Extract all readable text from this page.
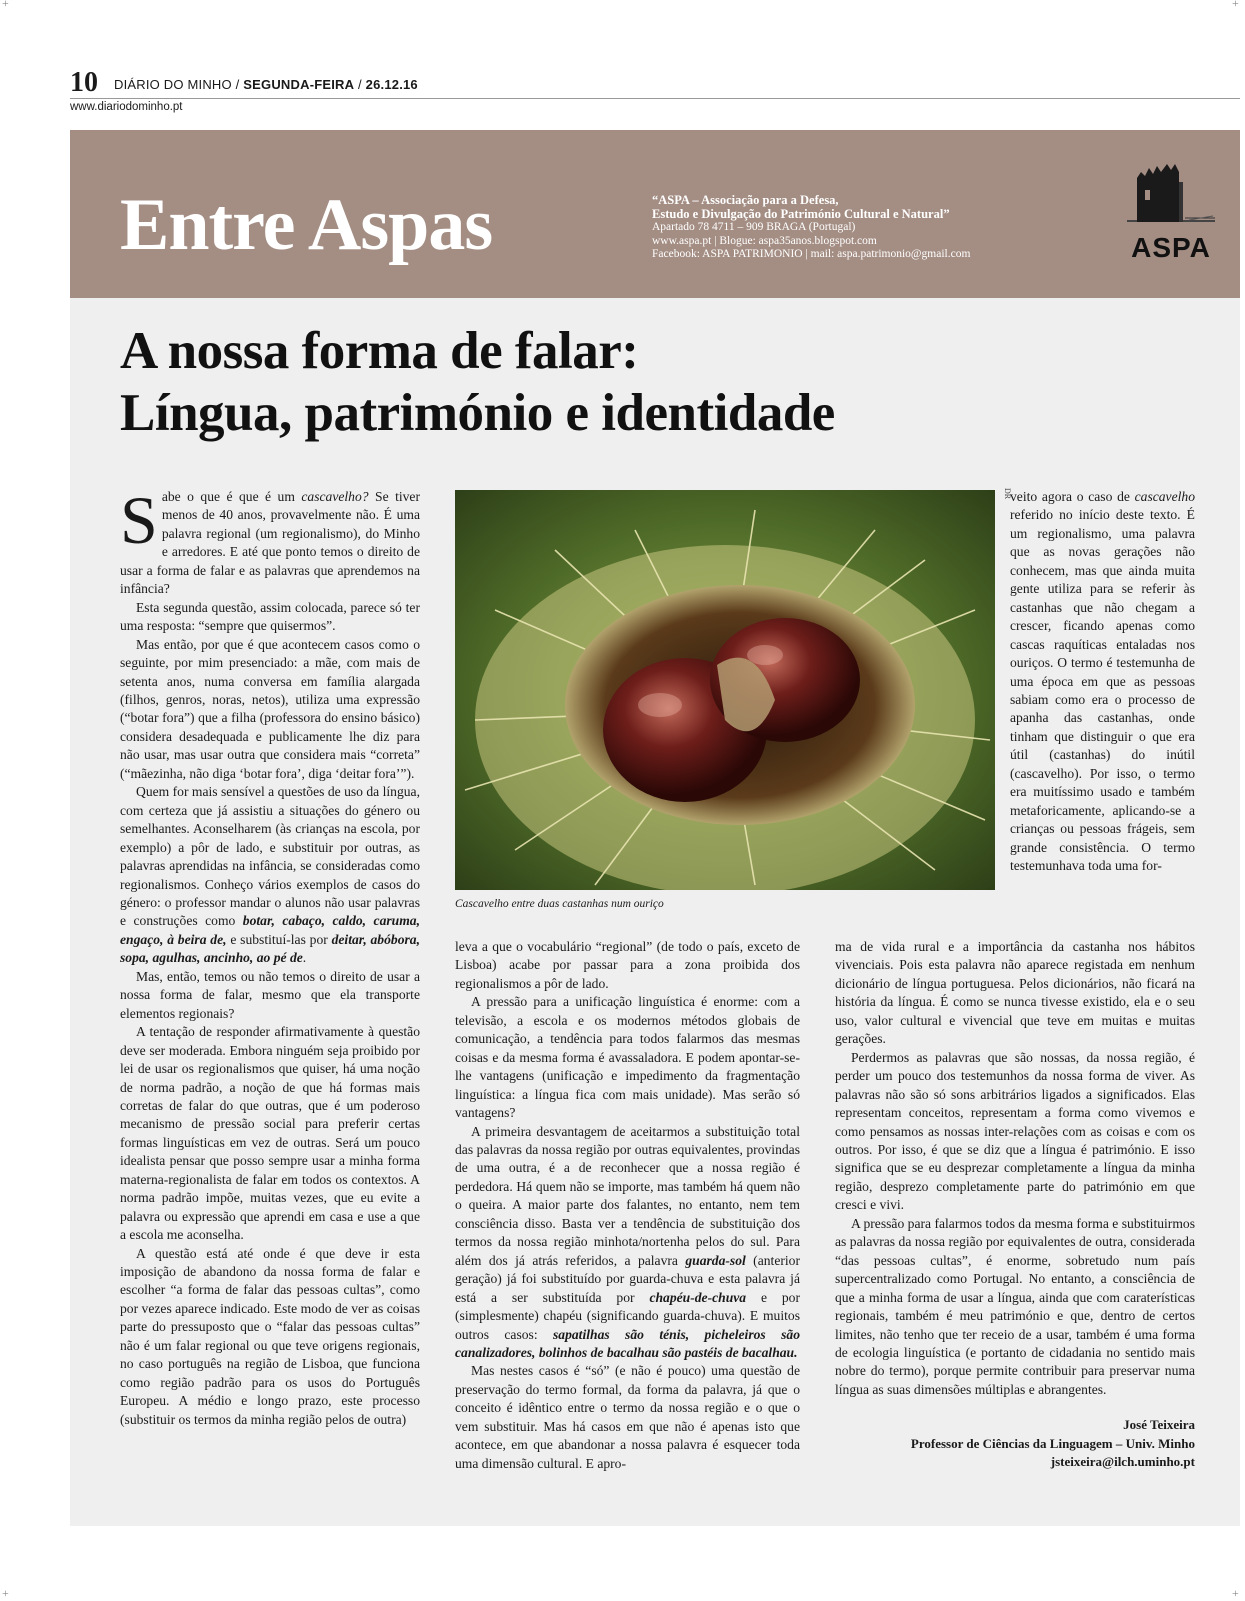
+	+
+	+
10 DIÁRIO DO MINHO / SEGUNDA-FEIRA / 26.12.16
www.diariodominho.pt
Entre Aspas	“ASPA – Associação para a Defesa,
Estudo e Divulgação do Património Cultural e Natural”
Apartado 78 4711 – 909 BRAGA (Portugal)
www.aspa.pt | Blogue: aspa35anos.blogspot.com
Facebook: ASPA PATRIMONIO | mail: aspa.patrimonio@gmail.com	ASPA
A nossa forma de falar:
Língua, património e identidade

Sabe o que é que é um cascavelho? Se tiver menos de 40 anos, provavelmente não. É uma palavra regional (um regionalismo), do Minho e arredores. E até que ponto temos o direito de usar a forma de falar e as palavras que aprendemos na infância?

Esta segunda questão, assim colocada, parece só ter uma resposta: “sempre que quisermos”.

Mas então, por que é que acontecem casos como o seguinte, por mim presenciado: a mãe, com mais de setenta anos, numa conversa em família alargada (filhos, genros, noras, netos), utiliza uma expressão (“botar fora”) que a filha (professora do ensino básico) considera desadequada e publicamente lhe diz para não usar, mas usar outra que considera mais “correta” (“mãezinha, não diga ‘botar fora’, diga ‘deitar fora’”).

Quem for mais sensível a questões de uso da língua, com certeza que já assistiu a situações do género ou semelhantes. Aconselharem (às crianças na escola, por exemplo) a pôr de lado, e substituir por outras, as palavras aprendidas na infância, se consideradas como regionalismos. Conheço vários exemplos de casos do género: o professor mandar o alunos não usar palavras e construções como botar, cabaço, caldo, caruma, engaço, à beira de, e substituí-las por deitar, abóbora, sopa, agulhas, ancinho, ao pé de.

Mas, então, temos ou não temos o direito de usar a nossa forma de falar, mesmo que ela transporte elementos regionais?

A tentação de responder afirmativamente à questão deve ser moderada. Embora ninguém seja proibido por lei de usar os regionalismos que quiser, há uma noção de norma padrão, a noção de que há formas mais corretas de falar do que outras, que é um poderoso mecanismo de pressão social para preferir certas formas linguísticas em vez de outras. Será um pouco idealista pensar que posso sempre usar a minha forma materna-regionalista de falar em todos os contextos. A norma padrão impõe, muitas vezes, que eu evite a palavra ou expressão que aprendi em casa e use a que a escola me aconselha.

A questão está até onde é que deve ir esta imposição de abandono da nossa forma de falar e escolher “a forma de falar das pessoas cultas”, como por vezes aparece indicado. Este modo de ver as coisas parte do pressuposto que o “falar das pessoas cultas” não é um falar regional ou que teve origens regionais, no caso português na região de Lisboa, que funciona como região padrão para os usos do Português Europeu. A médio e longo prazo, este processo (substituir os termos da minha região pelos de outra)

DR
Cascavelho entre duas castanhas num ouriço

leva a que o vocabulário “regional” (de todo o país, exceto de Lisboa) acabe por passar para a zona proibida dos regionalismos a pôr de lado.

A pressão para a unificação linguística é enorme: com a televisão, a escola e os modernos métodos globais de comunicação, a tendência para todos falarmos das mesmas coisas e da mesma forma é avassaladora. E podem apontar-se-lhe vantagens (unificação e impedimento da fragmentação linguística: a língua fica com mais unidade). Mas serão só vantagens?

A primeira desvantagem de aceitarmos a substituição total das palavras da nossa região por outras equivalentes, provindas de uma outra, é a de reconhecer que a nossa região é perdedora. Há quem não se importe, mas também há quem não o queira. A maior parte dos falantes, no entanto, nem tem consciência disso. Basta ver a tendência de substituição dos termos da nossa região minhota/nortenha pelos do sul. Para além dos já atrás referidos, a palavra guarda-sol (anterior geração) já foi substituído por guarda-chuva e esta palavra já está a ser substituída por chapéu-de-chuva e por (simplesmente) chapéu (significando guarda-chuva). E muitos outros casos: sapatilhas são ténis, picheleiros são canalizadores, bolinhos de bacalhau são pastéis de bacalhau.

Mas nestes casos é “só” (e não é pouco) uma questão de preservação do termo formal, da forma da palavra, já que o conceito é idêntico entre o termo da nossa região e o que o vem substituir. Mas há casos em que não é apenas isto que acontece, em que abandonar a nossa palavra é esquecer toda uma dimensão cultural. E apro-

veito agora o caso de cascavelho referido no início deste texto. É um regionalismo, uma palavra que as novas gerações não conhecem, mas que ainda muita gente utiliza para se referir às castanhas que não chegam a crescer, ficando apenas como cascas raquíticas entaladas nos ouriços. O termo é testemunha de uma época em que as pessoas sabiam como era o processo de apanha das castanhas, onde tinham que distinguir o que era útil (castanhas) do inútil (cascavelho). Por isso, o termo era muitíssimo usado e também metaforicamente, aplicando-se a crianças ou pessoas frágeis, sem grande consistência. O termo testemunhava toda uma for-

ma de vida rural e a importância da castanha nos hábitos vivenciais. Pois esta palavra não aparece registada em nenhum dicionário de língua portuguesa. Pelos dicionários, não ficará na história da língua. É como se nunca tivesse existido, ela e o seu uso, valor cultural e vivencial que teve em muitas e muitas gerações.

Perdermos as palavras que são nossas, da nossa região, é perder um pouco dos testemunhos da nossa forma de viver. As palavras não são só sons arbitrários ligados a significados. Elas representam conceitos, representam a forma como vivemos e como pensamos as nossas inter-relações com as coisas e com os outros. Por isso, é que se diz que a língua é património. E isso significa que se eu desprezar completamente a língua da minha região, desprezo completamente parte do património em que cresci e vivi.

A pressão para falarmos todos da mesma forma e substituirmos as palavras da nossa região por equivalentes de outra, considerada “das pessoas cultas”, é enorme, sobretudo num país supercentralizado como Portugal. No entanto, a consciência de que a minha forma de usar a língua, ainda que com caraterísticas regionais, também é meu património e que, dentro de certos limites, não tenho que ter receio de a usar, também é uma forma de ecologia linguística (e portanto de cidadania no sentido mais nobre do termo), porque permite contribuir para preservar numa língua as suas dimensões múltiplas e abrangentes.

José Teixeira
Professor de Ciências da Linguagem – Univ. Minho
jsteixeira@ilch.uminho.pt
